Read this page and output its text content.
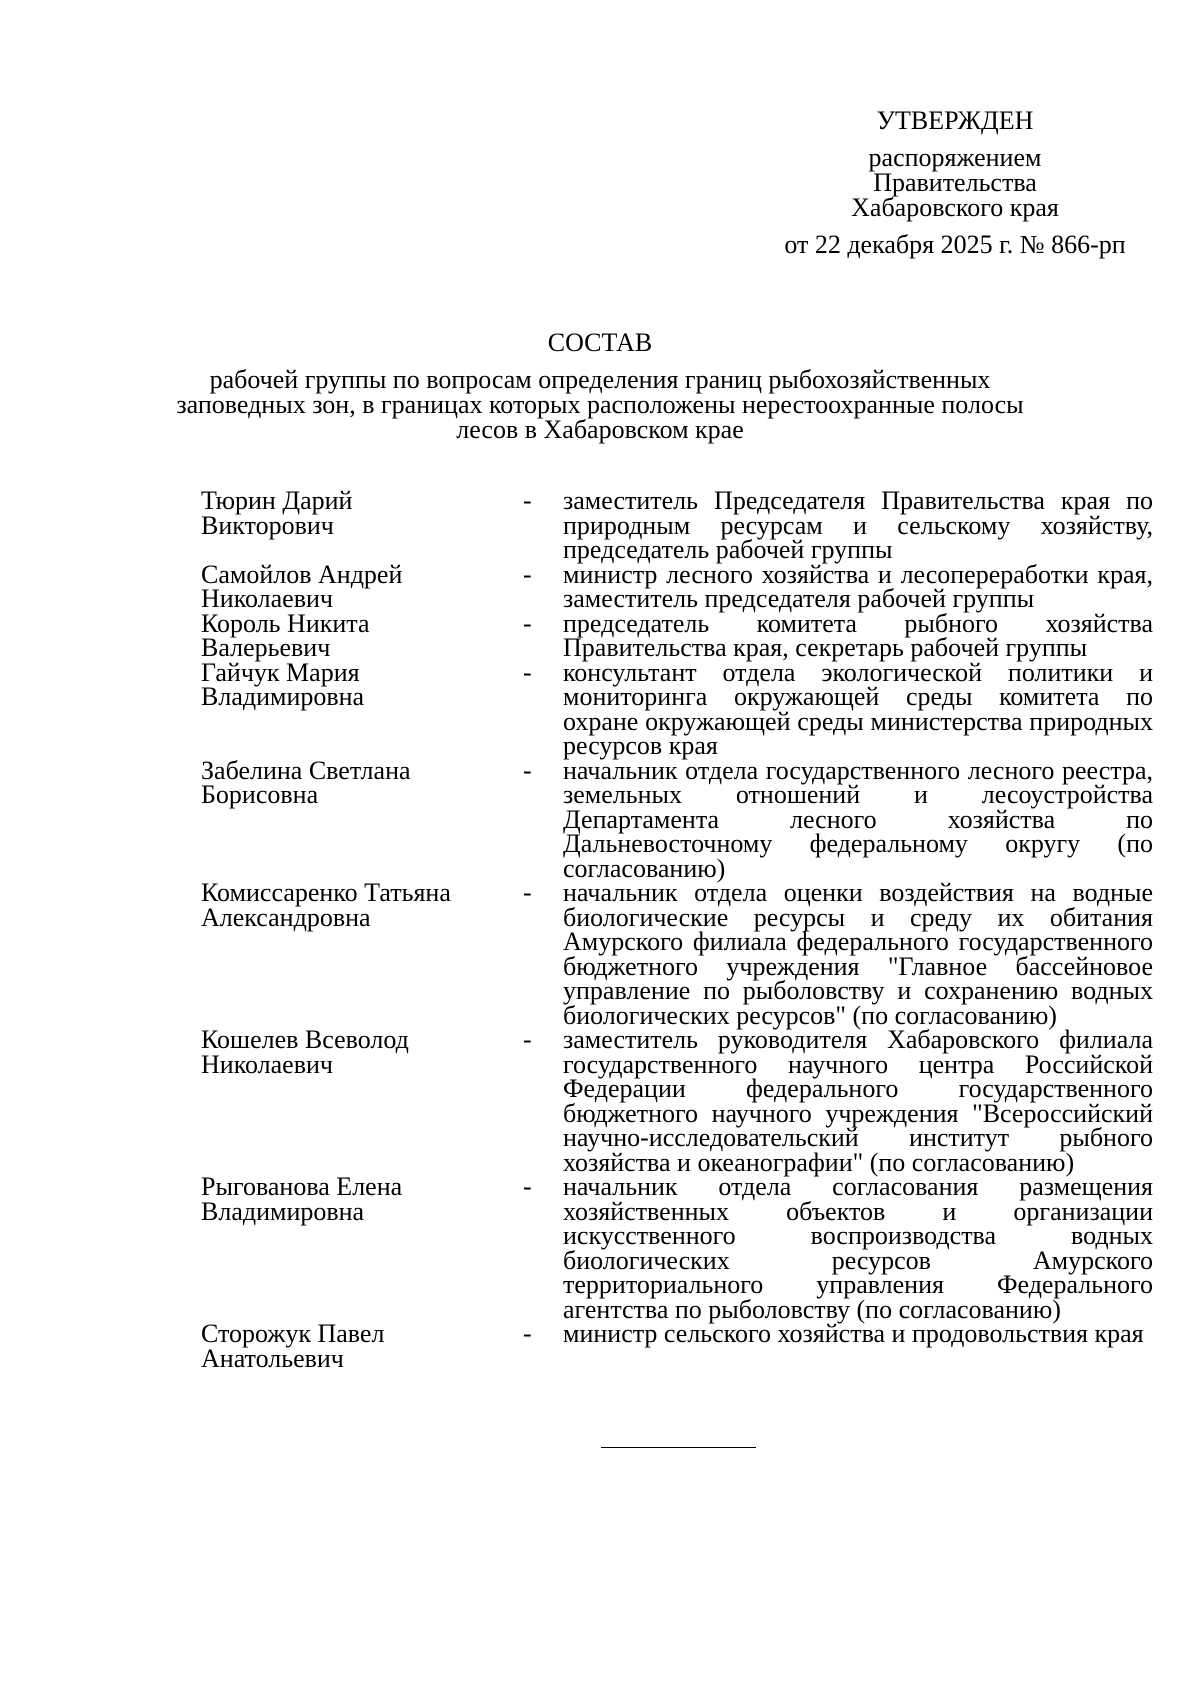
УТВЕРЖДЕН
распоряжением
Правительства
Хабаровского края
от 22 декабря 2025 г. № 866-рп
СОСТАВ
рабочей группы по вопросам определения границ рыбохозяйственных заповедных зон, в границах которых расположены нерестоохранные полосы лесов в Хабаровском крае
Тюрин Дарий
Викторович
-	заместитель Председателя Правительства края по природным ресурсам и сельскому хозяйству, председатель рабочей группы
Самойлов Андрей
Николаевич
-	министр лесного хозяйства и лесопереработки края, заместитель председателя рабочей группы
Король Никита
Валерьевич
-	председатель комитета рыбного хозяйства Правительства края, секретарь рабочей группы
Гайчук Мария
Владимировна
-	консультант отдела экологической политики и мониторинга окружающей среды комитета по охране окружающей среды министерства природных ресурсов края
Забелина Светлана
Борисовна
-	начальник отдела государственного лесного реестра, земельных отношений и лесоустройства Департамента лесного хозяйства по Дальневосточному федеральному округу (по согласованию)
Комиссаренко Татьяна
Александровна
-	начальник отдела оценки воздействия на водные биологические ресурсы и среду их обитания Амурского филиала федерального государственного бюджетного учреждения "Главное бассейновое управление по рыболовству и сохранению водных биологических ресурсов" (по согласованию)
Кошелев Всеволод
Николаевич
-	заместитель руководителя Хабаровского филиала государственного научного центра Российской Федерации федерального государственного бюджетного научного учреждения "Всероссийский научно-исследовательский институт рыбного хозяйства и океанографии" (по согласованию)
Рыгованова Елена
Владимировна
-	начальник отдела согласования размещения хозяйственных объектов и организации искусственного воспроизводства водных биологических ресурсов Амурского территориального управления Федерального агентства по рыболовству (по согласованию)
Сторожук Павел
Анатольевич
-	министр сельского хозяйства и продовольствия края
